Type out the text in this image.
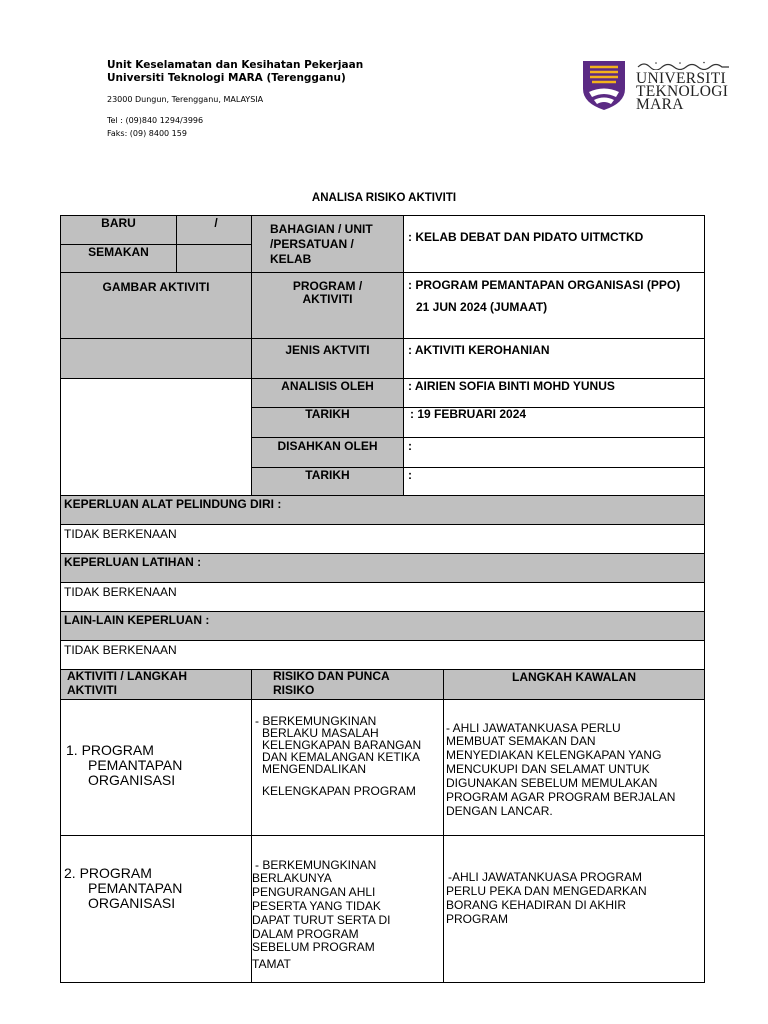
Unit Keselamatan dan Kesihatan Pekerjaan
Universiti Teknologi MARA (Terengganu)
23000 Dungun, Terengganu, MALAYSIA
Tel : (09)840 1294/3996
Faks: (09) 8400 159
UNIVERSITI
TEKNOLOGI
MARA
ANALISA RISIKO AKTIVITI
BARU	/
SEMAKAN
GAMBAR AKTIVITI
BAHAGIAN / UNIT
/PERSATUAN /
KELAB
PROGRAM /
AKTIVITI
JENIS AKTVITI
ANALISIS OLEH
TARIKH
DISAHKAN OLEH
TARIKH
: KELAB DEBAT DAN PIDATO UITMCTKD
: PROGRAM PEMANTAPAN ORGANISASI (PPO)
21 JUN 2024 (JUMAAT)
: AKTIVITI KEROHANIAN
: AIRIEN SOFIA BINTI MOHD YUNUS
: 19 FEBRUARI 2024
:
:
KEPERLUAN ALAT PELINDUNG DIRI :
TIDAK BERKENAAN
KEPERLUAN LATIHAN :
TIDAK BERKENAAN
LAIN-LAIN KEPERLUAN :
TIDAK BERKENAAN
AKTIVITI / LANGKAH
AKTIVITI
RISIKO DAN PUNCA
RISIKO
LANGKAH KAWALAN
1. PROGRAM
PEMANTAPAN
ORGANISASI
- BERKEMUNGKINAN
BERLAKU MASALAH
KELENGKAPAN BARANGAN
DAN KEMALANGAN KETIKA
MENGENDALIKAN
KELENGKAPAN PROGRAM
- AHLI JAWATANKUASA PERLU
MEMBUAT SEMAKAN DAN
MENYEDIAKAN KELENGKAPAN YANG
MENCUKUPI DAN SELAMAT UNTUK
DIGUNAKAN SEBELUM MEMULAKAN
PROGRAM AGAR PROGRAM BERJALAN
DENGAN LANCAR.
2. PROGRAM
PEMANTAPAN
ORGANISASI
- BERKEMUNGKINAN
BERLAKUNYA
PENGURANGAN AHLI
PESERTA YANG TIDAK
DAPAT TURUT SERTA DI
DALAM PROGRAM
SEBELUM PROGRAM
TAMAT
-AHLI JAWATANKUASA PROGRAM
PERLU PEKA DAN MENGEDARKAN
BORANG KEHADIRAN DI AKHIR
PROGRAM
